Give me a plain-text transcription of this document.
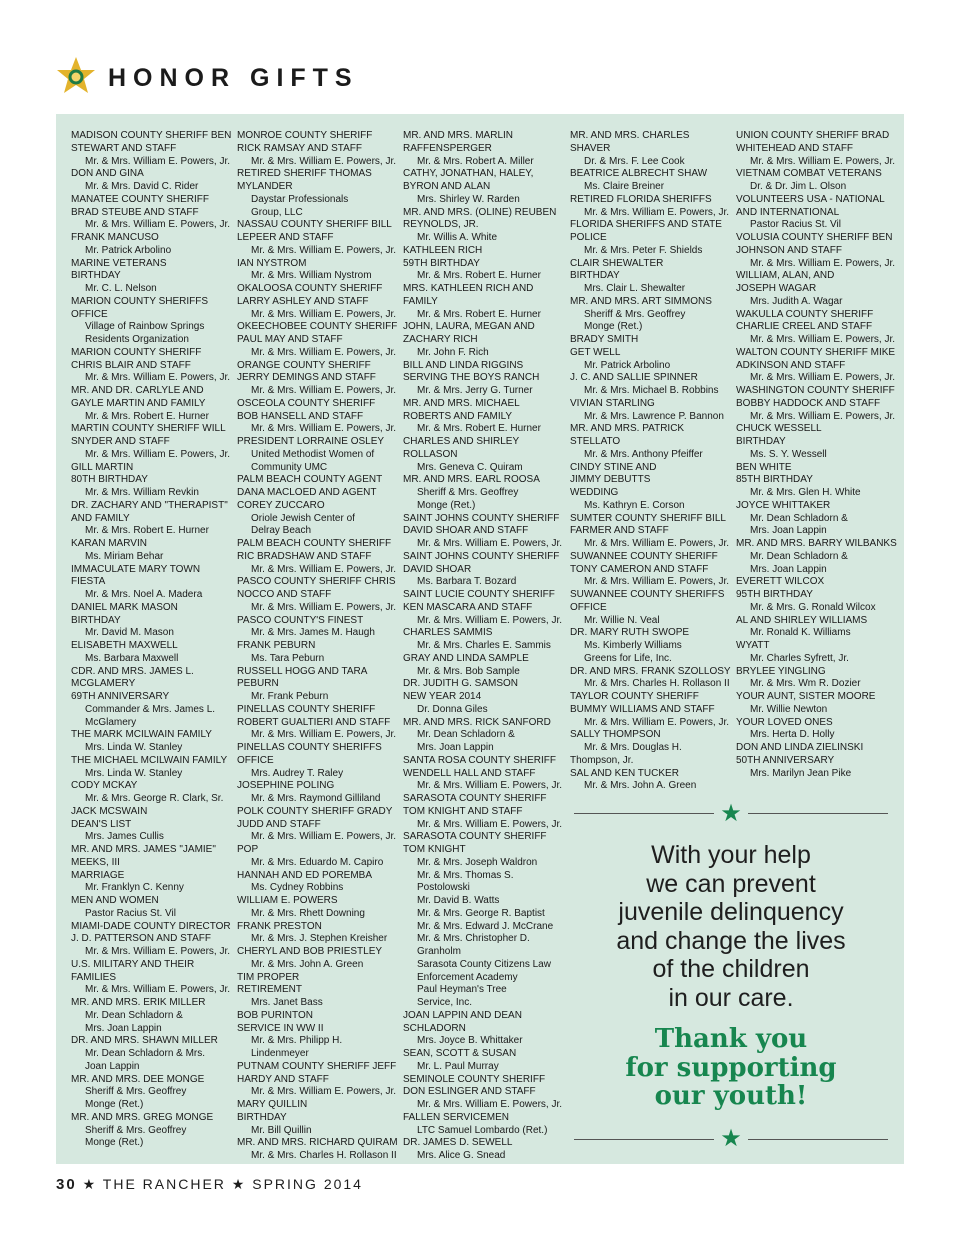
HONOR GIFTS
MADISON COUNTY SHERIFF BEN
STEWART AND STAFF
Mr. & Mrs. William E. Powers, Jr.
DON AND GINA
Mr. & Mrs. David C. Rider
MANATEE COUNTY SHERIFF
BRAD STEUBE AND STAFF
Mr. & Mrs. William E. Powers, Jr.
FRANK MANCUSO
Mr. Patrick Arbolino
MARINE VETERANS
BIRTHDAY
Mr. C. L. Nelson
MARION COUNTY SHERIFFS
OFFICE
Village of Rainbow Springs
Residents Organization
MARION COUNTY SHERIFF
CHRIS BLAIR AND STAFF
Mr. & Mrs. William E. Powers, Jr.
MR. AND DR. CARLYLE AND
GAYLE MARTIN AND FAMILY
Mr. & Mrs. Robert E. Hurner
MARTIN COUNTY SHERIFF WILL
SNYDER AND STAFF
Mr. & Mrs. William E. Powers, Jr.
GILL MARTIN
80TH BIRTHDAY
Mr. & Mrs. William Revkin
DR. ZACHARY AND "THERAPIST"
AND FAMILY
Mr. & Mrs. Robert E. Hurner
KARAN MARVIN
Ms. Miriam Behar
IMMACULATE MARY TOWN
FIESTA
Mr. & Mrs. Noel A. Madera
DANIEL MARK MASON
BIRTHDAY
Mr. David M. Mason
ELISABETH MAXWELL
Ms. Barbara Maxwell
CDR. AND MRS. JAMES L.
MCGLAMERY
69TH ANNIVERSARY
Commander & Mrs. James L.
McGlamery
THE MARK MCILWAIN FAMILY
Mrs. Linda W. Stanley
THE MICHAEL MCILWAIN FAMILY
Mrs. Linda W. Stanley
CODY MCKAY
Mr. & Mrs. George R. Clark, Sr.
JACK MCSWAIN
DEAN'S LIST
Mrs. James Cullis
MR. AND MRS. JAMES "JAMIE"
MEEKS, III
MARRIAGE
Mr. Franklyn C. Kenny
MEN AND WOMEN
Pastor Racius St. Vil
MIAMI-DADE COUNTY DIRECTOR
J. D. PATTERSON AND STAFF
Mr. & Mrs. William E. Powers, Jr.
U.S. MILITARY AND THEIR
FAMILIES
Mr. & Mrs. William E. Powers, Jr.
MR. AND MRS. ERIK MILLER
Mr. Dean Schladorn &
Mrs. Joan Lappin
DR. AND MRS. SHAWN MILLER
Mr. Dean Schladorn & Mrs.
Joan Lappin
MR. AND MRS. DEE MONGE
Sheriff & Mrs. Geoffrey
Monge (Ret.)
MR. AND MRS. GREG MONGE
Sheriff & Mrs. Geoffrey
Monge (Ret.)
MONROE COUNTY SHERIFF
RICK RAMSAY AND STAFF
Mr. & Mrs. William E. Powers, Jr.
RETIRED SHERIFF THOMAS
MYLANDER
Daystar Professionals
Group, LLC
NASSAU COUNTY SHERIFF BILL
LEPEER AND STAFF
Mr. & Mrs. William E. Powers, Jr.
IAN NYSTROM
Mr. & Mrs. William Nystrom
OKALOOSA COUNTY SHERIFF
LARRY ASHLEY AND STAFF
Mr. & Mrs. William E. Powers, Jr.
OKEECHOBEE COUNTY SHERIFF
PAUL MAY AND STAFF
Mr. & Mrs. William E. Powers, Jr.
ORANGE COUNTY SHERIFF
JERRY DEMINGS AND STAFF
Mr. & Mrs. William E. Powers, Jr.
OSCEOLA COUNTY SHERIFF
BOB HANSELL AND STAFF
Mr. & Mrs. William E. Powers, Jr.
PRESIDENT LORRAINE OSLEY
United Methodist Women of
Community UMC
PALM BEACH COUNTY AGENT
DANA MACLOED AND AGENT
COREY ZUCCARO
Oriole Jewish Center of
Delray Beach
PALM BEACH COUNTY SHERIFF
RIC BRADSHAW AND STAFF
Mr. & Mrs. William E. Powers, Jr.
PASCO COUNTY SHERIFF CHRIS
NOCCO AND STAFF
Mr. & Mrs. William E. Powers, Jr.
PASCO COUNTY'S FINEST
Mr. & Mrs. James M. Haugh
FRANK PEBURN
Ms. Tara Peburn
RUSSELL HOGG AND TARA
PEBURN
Mr. Frank Peburn
PINELLAS COUNTY SHERIFF
ROBERT GUALTIERI AND STAFF
Mr. & Mrs. William E. Powers, Jr.
PINELLAS COUNTY SHERIFFS
OFFICE
Mrs. Audrey T. Raley
JOSEPHINE POLING
Mr. & Mrs. Raymond Gilliland
POLK COUNTY SHERIFF GRADY
JUDD AND STAFF
Mr. & Mrs. William E. Powers, Jr.
POP
Mr. & Mrs. Eduardo M. Capiro
HANNAH AND ED POREMBA
Ms. Cydney Robbins
WILLIAM E. POWERS
Mr. & Mrs. Rhett Downing
FRANK PRESTON
Mr. & Mrs. J. Stephen Kreisher
CHERYL AND BOB PRIESTLEY
Mr. & Mrs. John A. Green
TIM PROPER
RETIREMENT
Mrs. Janet Bass
BOB PURINTON
SERVICE IN WW II
Mr. & Mrs. Philipp H.
Lindenmeyer
PUTNAM COUNTY SHERIFF JEFF
HARDY AND STAFF
Mr. & Mrs. William E. Powers, Jr.
MARY QUILLIN
BIRTHDAY
Mr. Bill Quillin
MR. AND MRS. RICHARD QUIRAM
Mr. & Mrs. Charles H. Rollason II
MR. AND MRS. MARLIN
RAFFENSPERGER
Mr. & Mrs. Robert A. Miller
CATHY, JONATHAN, HALEY,
BYRON AND ALAN
Mrs. Shirley W. Rarden
MR. AND MRS. (OLINE) REUBEN
REYNOLDS, JR.
Mr. Willis A. White
KATHLEEN RICH
59TH BIRTHDAY
Mr. & Mrs. Robert E. Hurner
MRS. KATHLEEN RICH AND
FAMILY
Mr. & Mrs. Robert E. Hurner
JOHN, LAURA, MEGAN AND
ZACHARY RICH
Mr. John F. Rich
BILL AND LINDA RIGGINS
SERVING THE BOYS RANCH
Mr. & Mrs. Jerry G. Turner
MR. AND MRS. MICHAEL
ROBERTS AND FAMILY
Mr. & Mrs. Robert E. Hurner
CHARLES AND SHIRLEY
ROLLASON
Mrs. Geneva C. Quiram
MR. AND MRS. EARL ROOSA
Sheriff & Mrs. Geoffrey
Monge (Ret.)
SAINT JOHNS COUNTY SHERIFF
DAVID SHOAR AND STAFF
Mr. & Mrs. William E. Powers, Jr.
SAINT JOHNS COUNTY SHERIFF
DAVID SHOAR
Ms. Barbara T. Bozard
SAINT LUCIE COUNTY SHERIFF
KEN MASCARA AND STAFF
Mr. & Mrs. William E. Powers, Jr.
CHARLES SAMMIS
Mr. & Mrs. Charles E. Sammis
GRAY AND LINDA SAMPLE
Mr. & Mrs. Bob Sample
DR. JUDITH G. SAMSON
NEW YEAR 2014
Dr. Donna Giles
MR. AND MRS. RICK SANFORD
Mr. Dean Schladorn &
Mrs. Joan Lappin
SANTA ROSA COUNTY SHERIFF
WENDELL HALL AND STAFF
Mr. & Mrs. William E. Powers, Jr.
SARASOTA COUNTY SHERIFF
TOM KNIGHT AND STAFF
Mr. & Mrs. William E. Powers, Jr.
SARASOTA COUNTY SHERIFF
TOM KNIGHT
Mr. & Mrs. Joseph Waldron
Mr. & Mrs. Thomas S.
Postolowski
Mr. David B. Watts
Mr. & Mrs. George R. Baptist
Mr. & Mrs. Edward J. McCrane
Mr. & Mrs. Christopher D.
Granholm
Sarasota County Citizens Law
Enforcement Academy
Paul Heyman's Tree
Service, Inc.
JOAN LAPPIN AND DEAN
SCHLADORN
Mrs. Joyce B. Whittaker
SEAN, SCOTT & SUSAN
Mr. L. Paul Murray
SEMINOLE COUNTY SHERIFF
DON ESLINGER AND STAFF
Mr. & Mrs. William E. Powers, Jr.
FALLEN SERVICEMEN
LTC Samuel Lombardo (Ret.)
DR. JAMES D. SEWELL
Mrs. Alice G. Snead
MR. AND MRS. CHARLES
SHAVER
Dr. & Mrs. F. Lee Cook
BEATRICE ALBRECHT SHAW
Ms. Claire Breiner
RETIRED FLORIDA SHERIFFS
Mr. & Mrs. William E. Powers, Jr.
FLORIDA SHERIFFS AND STATE
POLICE
Mr. & Mrs. Peter F. Shields
CLAIR SHEWALTER
BIRTHDAY
Mrs. Clair L. Shewalter
MR. AND MRS. ART SIMMONS
Sheriff & Mrs. Geoffrey
Monge (Ret.)
BRADY SMITH
GET WELL
Mr. Patrick Arbolino
J. C. AND SALLIE SPINNER
Mr. & Mrs. Michael B. Robbins
VIVIAN STARLING
Mr. & Mrs. Lawrence P. Bannon
MR. AND MRS. PATRICK
STELLATO
Mr. & Mrs. Anthony Pfeiffer
CINDY STINE AND
JIMMY DEBUTTS
WEDDING
Ms. Kathryn E. Corson
SUMTER COUNTY SHERIFF BILL
FARMER AND STAFF
Mr. & Mrs. William E. Powers, Jr.
SUWANNEE COUNTY SHERIFF
TONY CAMERON AND STAFF
Mr. & Mrs. William E. Powers, Jr.
SUWANNEE COUNTY SHERIFFS
OFFICE
Mr. Willie N. Veal
DR. MARY RUTH SWOPE
Ms. Kimberly Williams
Greens for Life, Inc.
DR. AND MRS. FRANK SZOLLOSY
Mr. & Mrs. Charles H. Rollason II
TAYLOR COUNTY SHERIFF
BUMMY WILLIAMS AND STAFF
Mr. & Mrs. William E. Powers, Jr.
SALLY THOMPSON
Mr. & Mrs. Douglas H.
Thompson, Jr.
SAL AND KEN TUCKER
Mr. & Mrs. John A. Green
UNION COUNTY SHERIFF BRAD
WHITEHEAD AND STAFF
Mr. & Mrs. William E. Powers, Jr.
VIETNAM COMBAT VETERANS
Dr. & Dr. Jim L. Olson
VOLUNTEERS USA - NATIONAL
AND INTERNATIONAL
Pastor Racius St. Vil
VOLUSIA COUNTY SHERIFF BEN
JOHNSON AND STAFF
Mr. & Mrs. William E. Powers, Jr.
WILLIAM, ALAN, AND
JOSEPH WAGAR
Mrs. Judith A. Wagar
WAKULLA COUNTY SHERIFF
CHARLIE CREEL AND STAFF
Mr. & Mrs. William E. Powers, Jr.
WALTON COUNTY SHERIFF MIKE
ADKINSON AND STAFF
Mr. & Mrs. William E. Powers, Jr.
WASHINGTON COUNTY SHERIFF
BOBBY HADDOCK AND STAFF
Mr. & Mrs. William E. Powers, Jr.
CHUCK WESSELL
BIRTHDAY
Ms. S. Y. Wessell
BEN WHITE
85TH BIRTHDAY
Mr. & Mrs. Glen H. White
JOYCE WHITTAKER
Mr. Dean Schladorn &
Mrs. Joan Lappin
MR. AND MRS. BARRY WILBANKS
Mr. Dean Schladorn &
Mrs. Joan Lappin
EVERETT WILCOX
95TH BIRTHDAY
Mr. & Mrs. G. Ronald Wilcox
AL AND SHIRLEY WILLIAMS
Mr. Ronald K. Williams
WYATT
Mr. Charles Syfrett, Jr.
BRYLEE YINGLING
Mr. & Mrs. Wm R. Dozier
YOUR AUNT, SISTER MOORE
Mr. Willie Newton
YOUR LOVED ONES
Mrs. Herta D. Holly
DON AND LINDA ZIELINSKI
50TH ANNIVERSARY
Mrs. Marilyn Jean Pike
★
With your help
we can prevent
juvenile delinquency
and change the lives
of the children
in our care.
Thank you
for supporting
our youth!
★
30 ★ THE RANCHER ★ SPRING 2014
